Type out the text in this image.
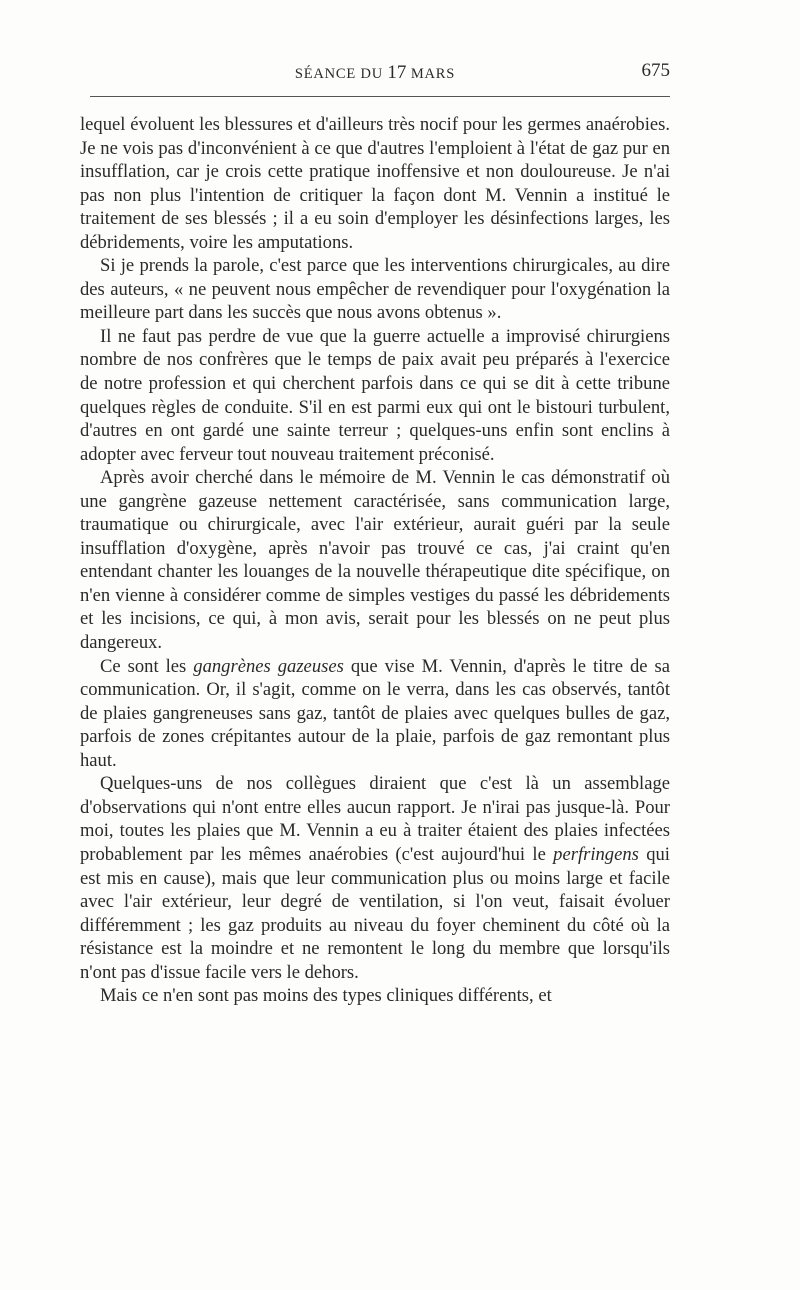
SÉANCE DU 17 MARS	675

lequel évoluent les blessures et d'ailleurs très nocif pour les germes anaérobies. Je ne vois pas d'inconvénient à ce que d'autres l'emploient à l'état de gaz pur en insufflation, car je crois cette pratique inoffensive et non douloureuse. Je n'ai pas non plus l'intention de critiquer la façon dont M. Vennin a institué le traitement de ses blessés ; il a eu soin d'employer les désinfections larges, les débridements, voire les amputations.

Si je prends la parole, c'est parce que les interventions chirurgicales, au dire des auteurs, « ne peuvent nous empêcher de revendiquer pour l'oxygénation la meilleure part dans les succès que nous avons obtenus ».

Il ne faut pas perdre de vue que la guerre actuelle a improvisé chirurgiens nombre de nos confrères que le temps de paix avait peu préparés à l'exercice de notre profession et qui cherchent parfois dans ce qui se dit à cette tribune quelques règles de conduite. S'il en est parmi eux qui ont le bistouri turbulent, d'autres en ont gardé une sainte terreur ; quelques-uns enfin sont enclins à adopter avec ferveur tout nouveau traitement préconisé.

Après avoir cherché dans le mémoire de M. Vennin le cas démonstratif où une gangrène gazeuse nettement caractérisée, sans communication large, traumatique ou chirurgicale, avec l'air extérieur, aurait guéri par la seule insufflation d'oxygène, après n'avoir pas trouvé ce cas, j'ai craint qu'en entendant chanter les louanges de la nouvelle thérapeutique dite spécifique, on n'en vienne à considérer comme de simples vestiges du passé les débridements et les incisions, ce qui, à mon avis, serait pour les blessés on ne peut plus dangereux.

Ce sont les gangrènes gazeuses que vise M. Vennin, d'après le titre de sa communication. Or, il s'agit, comme on le verra, dans les cas observés, tantôt de plaies gangreneuses sans gaz, tantôt de plaies avec quelques bulles de gaz, parfois de zones crépitantes autour de la plaie, parfois de gaz remontant plus haut.

Quelques-uns de nos collègues diraient que c'est là un assemblage d'observations qui n'ont entre elles aucun rapport. Je n'irai pas jusque-là. Pour moi, toutes les plaies que M. Vennin a eu à traiter étaient des plaies infectées probablement par les mêmes anaérobies (c'est aujourd'hui le perfringens qui est mis en cause), mais que leur communication plus ou moins large et facile avec l'air extérieur, leur degré de ventilation, si l'on veut, faisait évoluer différemment ; les gaz produits au niveau du foyer cheminent du côté où la résistance est la moindre et ne remontent le long du membre que lorsqu'ils n'ont pas d'issue facile vers le dehors.

Mais ce n'en sont pas moins des types cliniques différents, et
